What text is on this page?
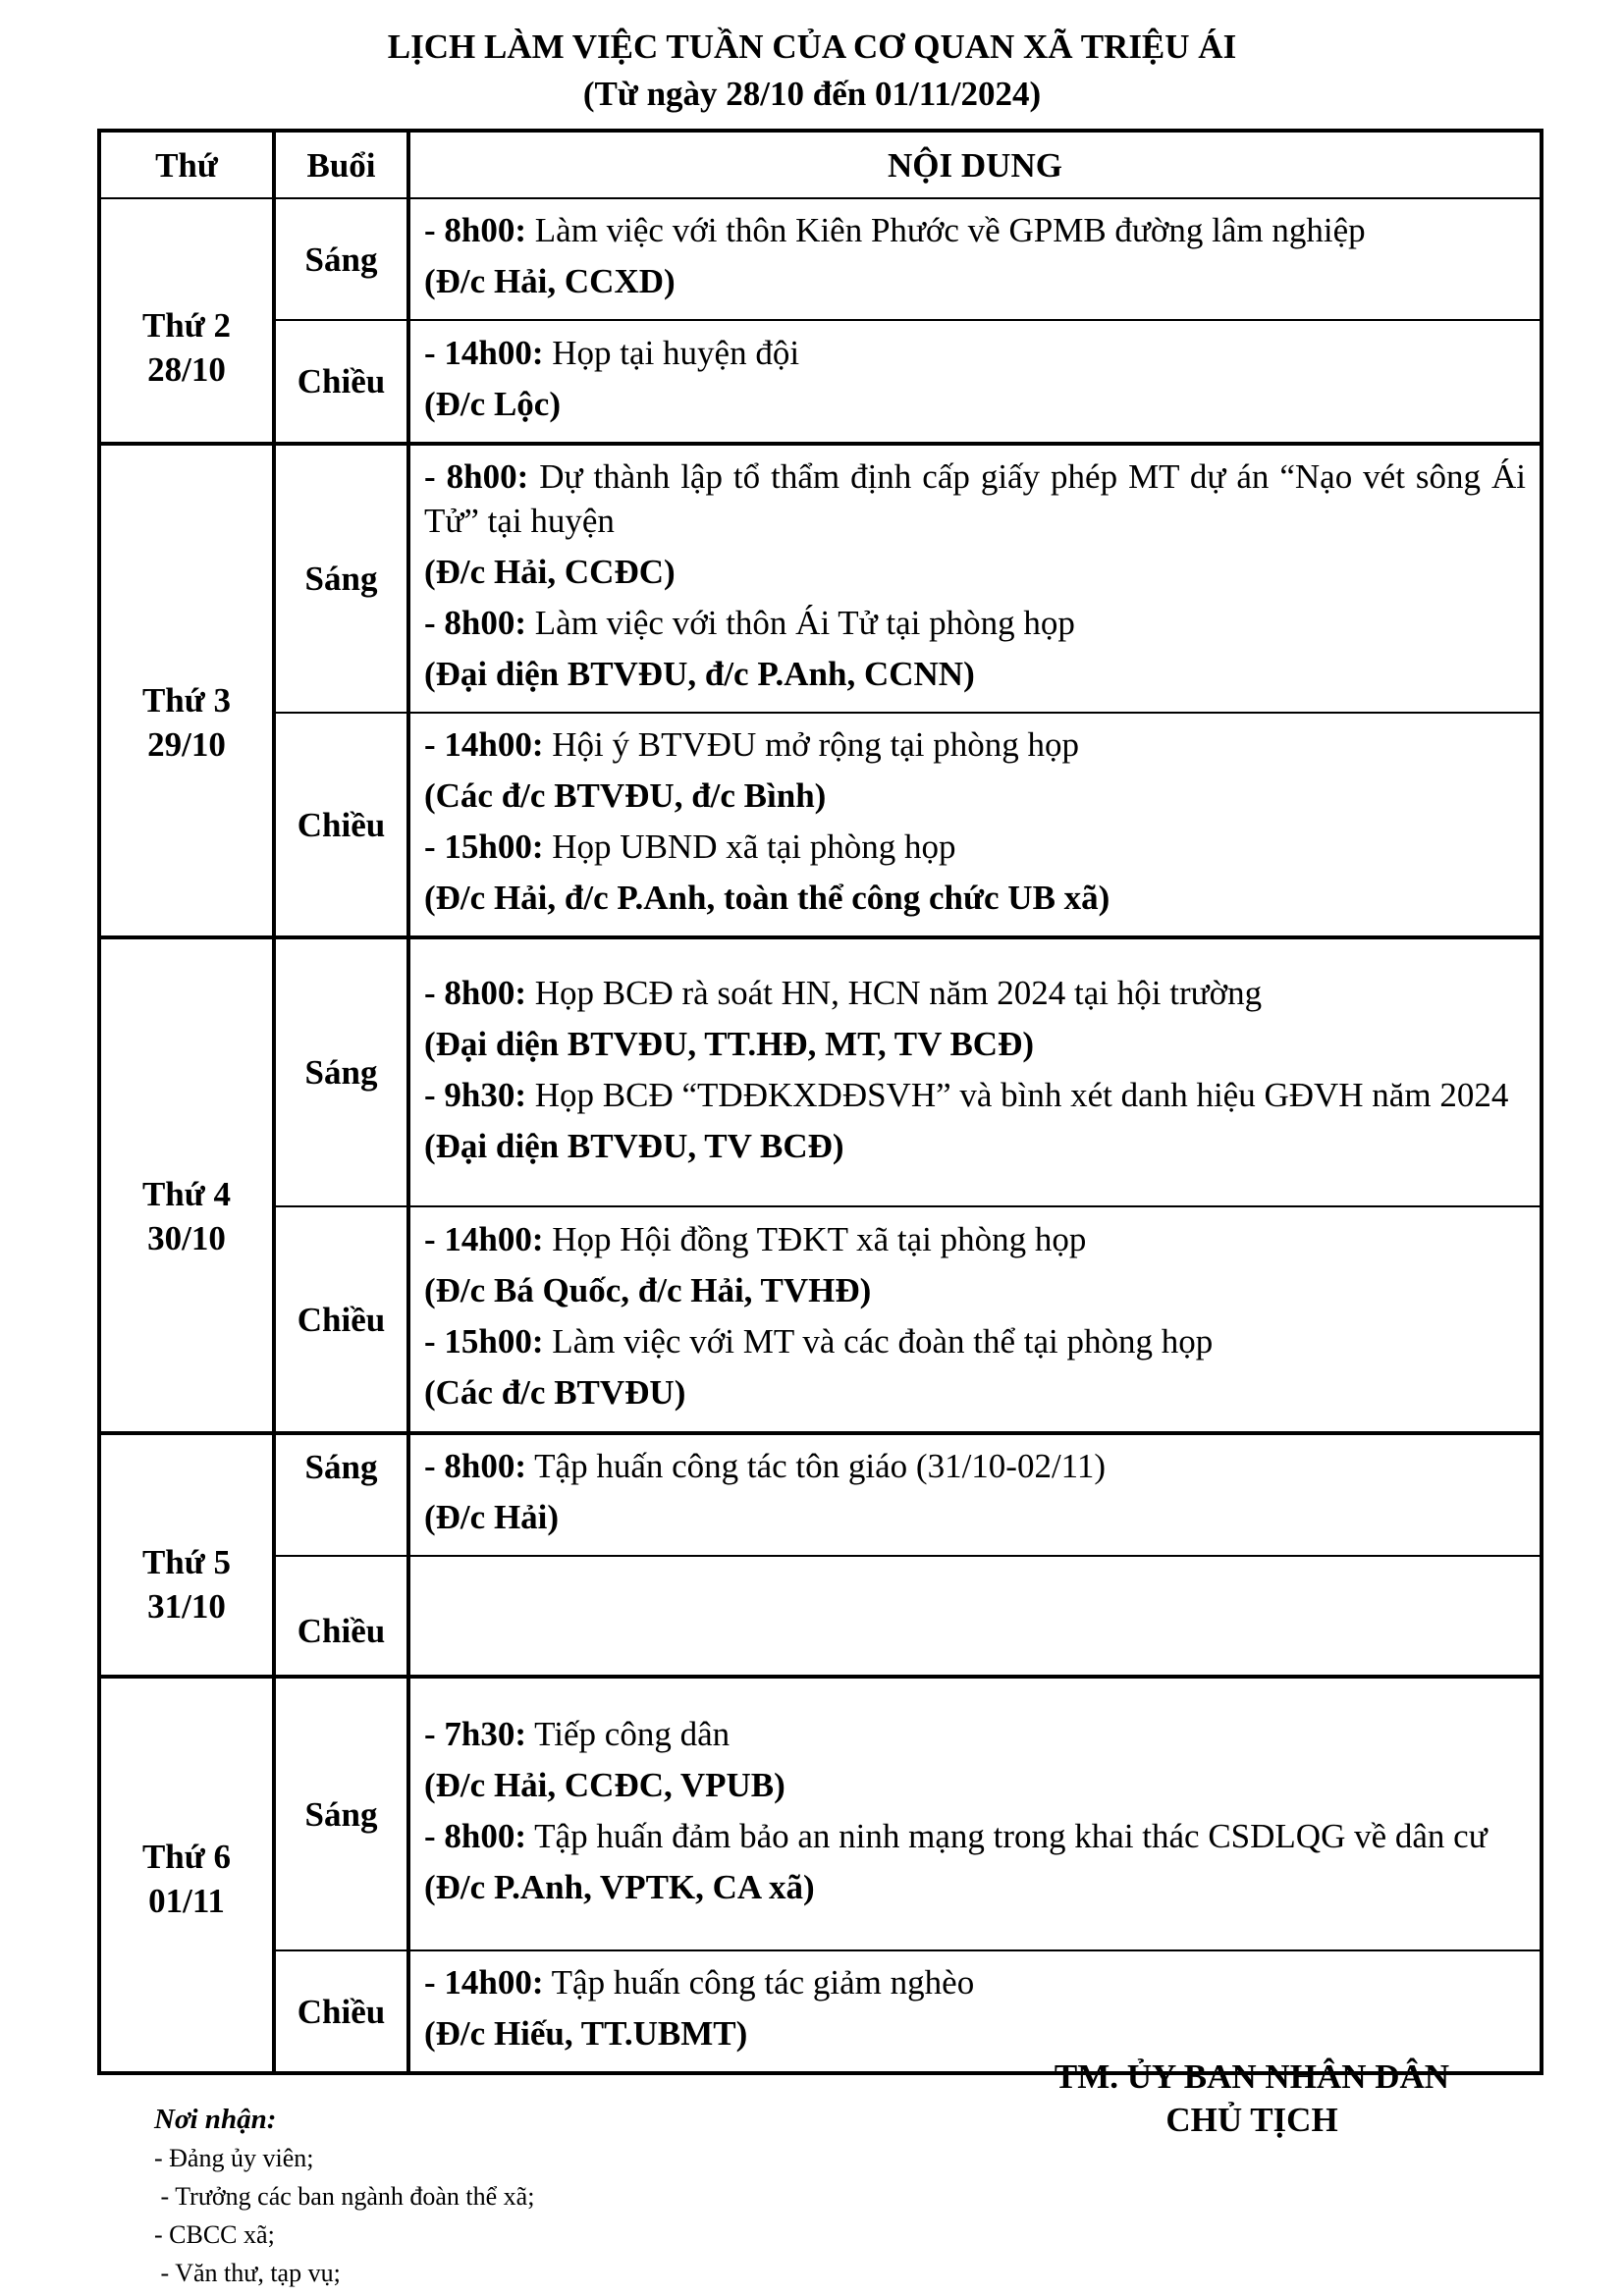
LỊCH LÀM VIỆC TUẦN CỦA CƠ QUAN XÃ TRIỆU ÁI
(Từ ngày 28/10 đến 01/11/2024)
Thứ	Buổi	NỘI DUNG

Thứ 2
28/10	Sáng	- 8h00: Làm việc với thôn Kiên Phước về GPMB đường lâm nghiệp
(Đ/c Hải, CCXD)

	Chiều	- 14h00: Họp tại huyện đội
(Đ/c Lộc)

Thứ 3
29/10	Sáng	- 8h00: Dự thành lập tổ thẩm định cấp giấy phép MT dự án “Nạo vét sông Ái Tử” tại huyện
(Đ/c Hải, CCĐC)
- 8h00: Làm việc với thôn Ái Tử tại phòng họp
(Đại diện BTVĐU, đ/c P.Anh, CCNN)

	Chiều	- 14h00: Hội ý BTVĐU mở rộng tại phòng họp
(Các đ/c BTVĐU, đ/c Bình)
- 15h00: Họp UBND xã tại phòng họp
(Đ/c Hải, đ/c P.Anh, toàn thể công chức UB xã)

Thứ 4
30/10	Sáng	- 8h00: Họp BCĐ rà soát HN, HCN năm 2024 tại hội trường
(Đại diện BTVĐU, TT.HĐ, MT, TV BCĐ)
- 9h30: Họp BCĐ “TDĐKXDĐSVH” và bình xét danh hiệu GĐVH năm 2024
(Đại diện BTVĐU, TV BCĐ)

	Chiều	- 14h00: Họp Hội đồng TĐKT xã tại phòng họp
(Đ/c Bá Quốc, đ/c Hải, TVHĐ)
- 15h00: Làm việc với MT và các đoàn thể tại phòng họp
(Các đ/c BTVĐU)

Thứ 5
31/10	Sáng	- 8h00: Tập huấn công tác tôn giáo (31/10-02/11)
(Đ/c Hải)

	Chiều	

Thứ 6
01/11	Sáng	- 7h30: Tiếp công dân
(Đ/c Hải, CCĐC, VPUB)
- 8h00: Tập huấn đảm bảo an ninh mạng trong khai thác CSDLQG về dân cư
(Đ/c P.Anh, VPTK, CA xã)

	Chiều	- 14h00: Tập huấn công tác giảm nghèo
(Đ/c Hiếu, TT.UBMT)
TM. ỦY BAN NHÂN DÂN
CHỦ TỊCH
Nơi nhận:
- Đảng ủy viên;
- Trưởng các ban ngành đoàn thể xã;
- CBCC xã;
- Văn thư, tạp vụ;
